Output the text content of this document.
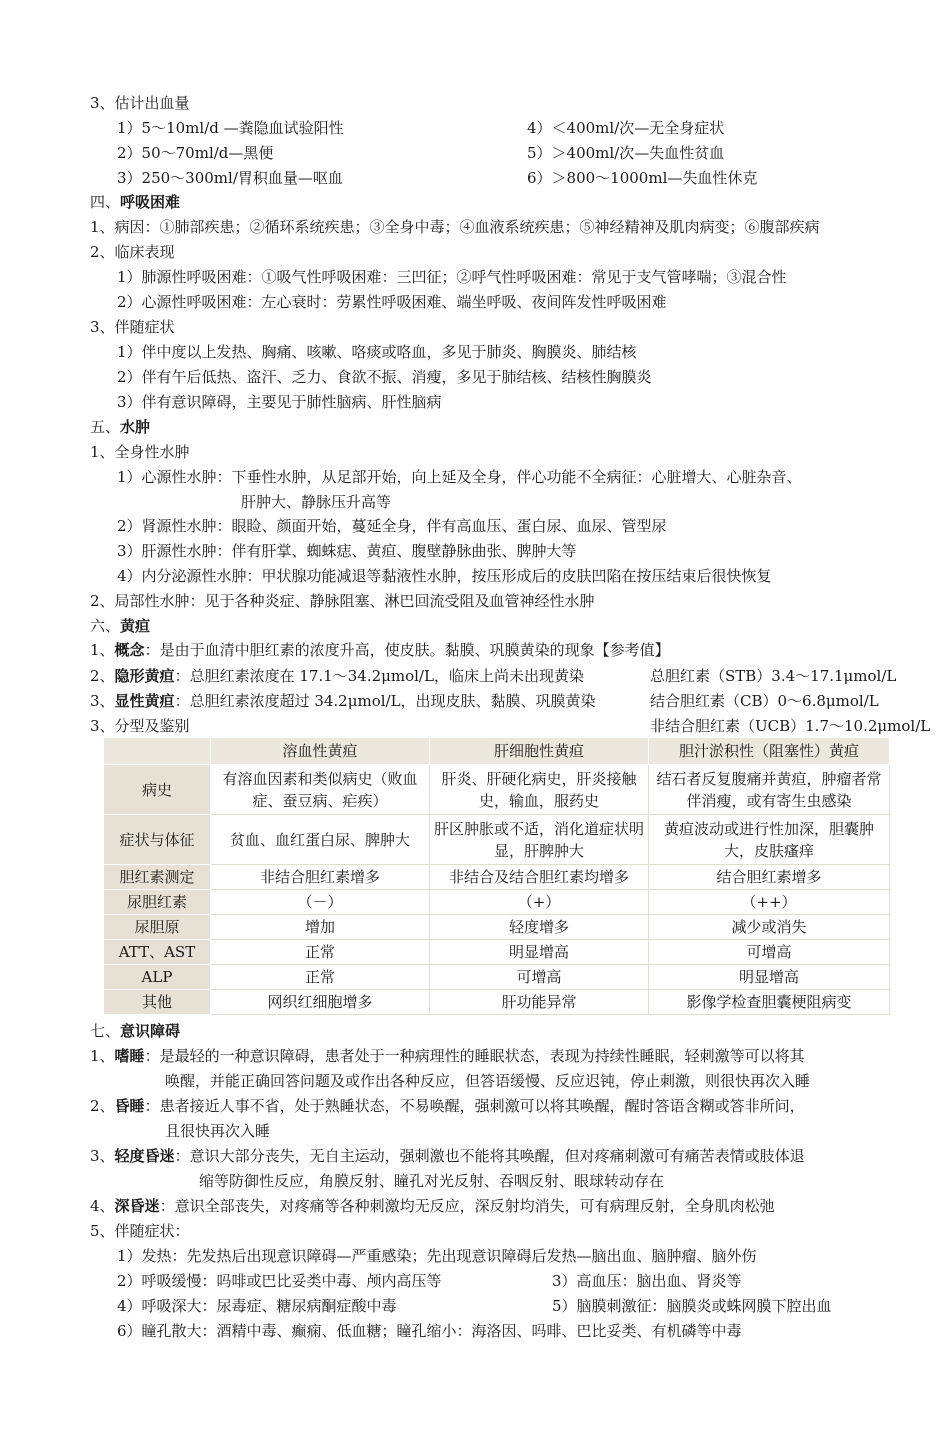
3、估计出血量
1）5～10ml/d —粪隐血试验阳性	4）＜400ml/次—无全身症状
2）50～70ml/d—黑便	5）＞400ml/次—失血性贫血
3）250～300ml/胃积血量—呕血	6）＞800～1000ml—失血性休克
四、呼吸困难
1、病因：①肺部疾患；②循环系统疾患；③全身中毒；④血液系统疾患；⑤神经精神及肌肉病变；⑥腹部疾病
2、临床表现
1）肺源性呼吸困难：①吸气性呼吸困难：三凹征；②呼气性呼吸困难：常见于支气管哮喘；③混合性
2）心源性呼吸困难：左心衰时：劳累性呼吸困难、端坐呼吸、夜间阵发性呼吸困难
3、伴随症状
1）伴中度以上发热、胸痛、咳嗽、咯痰或咯血，多见于肺炎、胸膜炎、肺结核
2）伴有午后低热、盗汗、乏力、食欲不振、消瘦，多见于肺结核、结核性胸膜炎
3）伴有意识障碍，主要见于肺性脑病、肝性脑病
五、水肿
1、全身性水肿
1）心源性水肿：下垂性水肿，从足部开始，向上延及全身，伴心功能不全病征：心脏增大、心脏杂音、
肝肿大、静脉压升高等
2）肾源性水肿：眼睑、颜面开始，蔓延全身，伴有高血压、蛋白尿、血尿、管型尿
3）肝源性水肿：伴有肝掌、蜘蛛痣、黄疸、腹壁静脉曲张、脾肿大等
4）内分泌源性水肿：甲状腺功能减退等黏液性水肿，按压形成后的皮肤凹陷在按压结束后很快恢复
2、局部性水肿：见于各种炎症、静脉阻塞、淋巴回流受阻及血管神经性水肿
六、黄疸
1、概念：是由于血清中胆红素的浓度升高，使皮肤。黏膜、巩膜黄染的现象【参考值】
2、隐形黄疸：总胆红素浓度在 17.1～34.2μmol/L，临床上尚未出现黄染	总胆红素（STB）3.4～17.1μmol/L
3、显性黄疸：总胆红素浓度超过 34.2μmol/L，出现皮肤、黏膜、巩膜黄染	结合胆红素（CB）0～6.8μmol/L
3、分型及鉴别	非结合胆红素（UCB）1.7～10.2μmol/L
	溶血性黄疸	肝细胞性黄疸	胆汁淤积性（阻塞性）黄疸
病史	有溶血因素和类似病史（败血症、蚕豆病、疟疾）	肝炎、肝硬化病史，肝炎接触史，输血，服药史	结石者反复腹痛并黄疸，肿瘤者常伴消瘦，或有寄生虫感染
症状与体征	贫血、血红蛋白尿、脾肿大	肝区肿胀或不适，消化道症状明显，肝脾肿大	黄疸波动或进行性加深，胆囊肿大，皮肤瘙痒
胆红素测定	非结合胆红素增多	非结合及结合胆红素均增多	结合胆红素增多
尿胆红素	（－）	（+）	（++）
尿胆原	增加	轻度增多	减少或消失
ATT、AST	正常	明显增高	可增高
ALP	正常	可增高	明显增高
其他	网织红细胞增多	肝功能异常	影像学检查胆囊梗阻病变
七、意识障碍
1、嗜睡：是最轻的一种意识障碍，患者处于一种病理性的睡眠状态，表现为持续性睡眠，轻刺激等可以将其
唤醒，并能正确回答问题及或作出各种反应，但答语缓慢、反应迟钝，停止刺激，则很快再次入睡
2、昏睡：患者接近人事不省，处于熟睡状态，不易唤醒，强刺激可以将其唤醒，醒时答语含糊或答非所问，
且很快再次入睡
3、轻度昏迷：意识大部分丧失，无自主运动，强刺激也不能将其唤醒，但对疼痛刺激可有痛苦表情或肢体退
缩等防御性反应，角膜反射、瞳孔对光反射、吞咽反射、眼球转动存在
4、深昏迷：意识全部丧失，对疼痛等各种刺激均无反应，深反射均消失，可有病理反射，全身肌肉松弛
5、伴随症状：
1）发热：先发热后出现意识障碍—严重感染；先出现意识障碍后发热—脑出血、脑肿瘤、脑外伤
2）呼吸缓慢：吗啡或巴比妥类中毒、颅内高压等	3）高血压：脑出血、肾炎等
4）呼吸深大：尿毒症、糖尿病酮症酸中毒	5）脑膜刺激征：脑膜炎或蛛网膜下腔出血
6）瞳孔散大：酒精中毒、癫痫、低血糖；瞳孔缩小：海洛因、吗啡、巴比妥类、有机磷等中毒
